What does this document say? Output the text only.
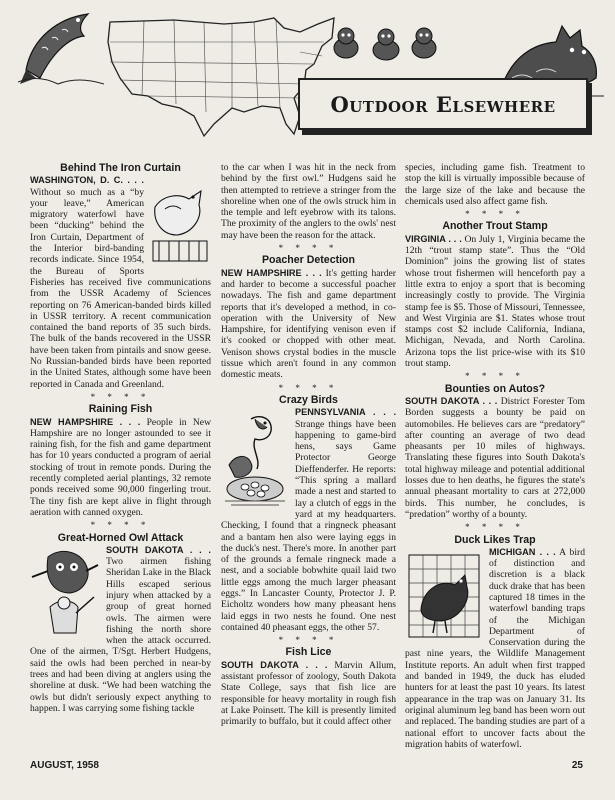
Outdoor Elsewhere
Behind The Iron Curtain

WASHINGTON, D. C. . . . Without so much as a “by your leave,” American migratory waterfowl have been “ducking” behind the Iron Curtain, Department of the Interior bird-banding records indicate. Since 1954, the Bureau of Sports Fisheries has received five communications from the USSR Academy of Sciences reporting on 76 American-banded birds killed in USSR territory. A recent communication contained the band reports of 35 such birds. The bulk of the bands recovered in the USSR have been taken from pintails and snow geese. No Russian-banded birds have been reported in the United States, although some have been reported in Canada and Greenland.

* * * *
Raining Fish

NEW HAMPSHIRE . . . People in New Hampshire are no longer astounded to see it raining fish, for the fish and game department has for 10 years conducted a program of aerial stocking of trout in remote ponds. During the recently completed aerial plantings, 32 remote ponds received some 90,000 fingerling trout. The tiny fish are kept alive in flight through aeration with canned oxygen.

* * * *
Great-Horned Owl Attack

SOUTH DAKOTA . . . Two airmen fishing Sheridan Lake in the Black Hills escaped serious injury when attacked by a group of great horned owls. The airmen were fishing the north shore when the attack occurred. One of the airmen, T/Sgt. Herbert Hudgens, said the owls had been perched in near-by trees and had been diving at anglers using the shoreline at dusk. “We had been watching the owls but didn't seriously expect anything to happen. I was carrying some fishing tackle

to the car when I was hit in the neck from behind by the first owl.” Hudgens said he then attempted to retrieve a stringer from the shoreline when one of the owls struck him in the temple and left eyebrow with its talons. The proximity of the anglers to the owls' nest may have been the reason for the attack.

* * * *
Poacher Detection

NEW HAMPSHIRE . . . It's getting harder and harder to become a successful poacher nowadays. The fish and game department reports that it's developed a method, in co-operation with the University of New Hampshire, for identifying venison even if it's cooked or chopped with other meat. Venison shows crystal bodies in the muscle tissue which aren't found in any common domestic meats.

* * * *
Crazy Birds

PENNSYLVANIA . . . Strange things have been happening to game-bird hens, says Game Protector George Dieffenderfer. He reports: “This spring a mallard made a nest and started to lay a clutch of eggs in the yard at my headquarters. Checking, I found that a ringneck pheasant and a bantam hen also were laying eggs in the duck's nest. There's more. In another part of the grounds a female ringneck made a nest, and a sociable bobwhite quail laid two little eggs among the much larger pheasant eggs.” In Lancaster County, Protector J. P. Eicholtz wonders how many pheasant hens laid eggs in two nests he found. One nest contained 40 pheasant eggs, the other 57.

* * * *
Fish Lice

SOUTH DAKOTA . . . Marvin Allum, assistant professor of zoology, South Dakota State College, says that fish lice are responsible for heavy mortality in rough fish at Lake Poinsett. The kill is presently limited primarily to buffalo, but it could affect other

species, including game fish. Treatment to stop the kill is virtually impossible because of the large size of the lake and because the chemicals used also affect game fish.

* * * *
Another Trout Stamp

VIRGINIA . . . On July 1, Virginia became the 12th “trout stamp state”. Thus the “Old Dominion” joins the growing list of states whose trout fishermen will henceforth pay a little extra to enjoy a sport that is becoming increasingly costly to provide. The Virginia stamp fee is $5. Those of Missouri, Tennessee, and West Virginia are $1. States whose trout stamps cost $2 include California, Indiana, Michigan, Nevada, and North Carolina. Arizona tops the list price-wise with its $10 trout stamp.

* * * *
Bounties on Autos?

SOUTH DAKOTA . . . District Forester Tom Borden suggests a bounty be paid on automobiles. He believes cars are “predatory” after counting an average of two dead pheasants per 10 miles of highways. Translating these figures into South Dakota's total highway mileage and potential additional losses due to hen deaths, he figures the state's annual pheasant mortality to cars at 272,000 birds. This number, he concludes, is “predation” worthy of a bounty.

* * * *
Duck Likes Trap

MICHIGAN . . . A bird of distinction and discretion is a black duck drake that has been captured 18 times in the waterfowl banding traps of the Michigan Department of Conservation during the past nine years, the Wildlife Management Institute reports. An adult when first trapped and banded in 1949, the duck has eluded hunters for at least the past 10 years. Its latest appearance in the trap was on January 31. Its original aluminum leg band has been worn out and replaced. The banding studies are part of a national effort to uncover facts about the migration habits of waterfowl.

AUGUST, 1958	25
